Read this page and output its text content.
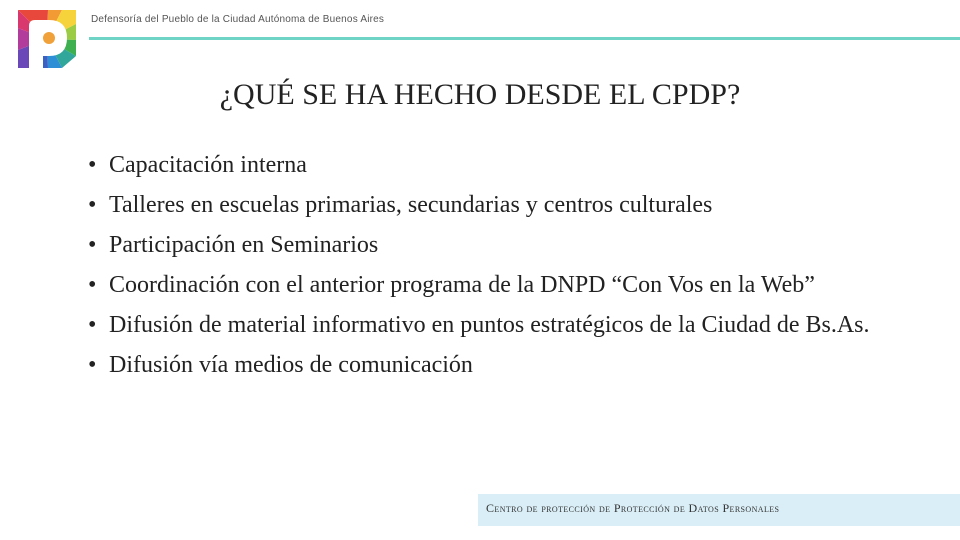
Defensoría del Pueblo de la Ciudad Autónoma de Buenos Aires
¿QUÉ SE HA HECHO DESDE EL CPDP?
• Capacitación interna
• Talleres en escuelas primarias, secundarias y centros culturales
• Participación en Seminarios
• Coordinación con el anterior programa de la DNPD “Con Vos en la Web”
• Difusión de material informativo en puntos estratégicos de la Ciudad de Bs.As.
• Difusión vía medios de comunicación
Centro de protección de Protección de Datos Personales
